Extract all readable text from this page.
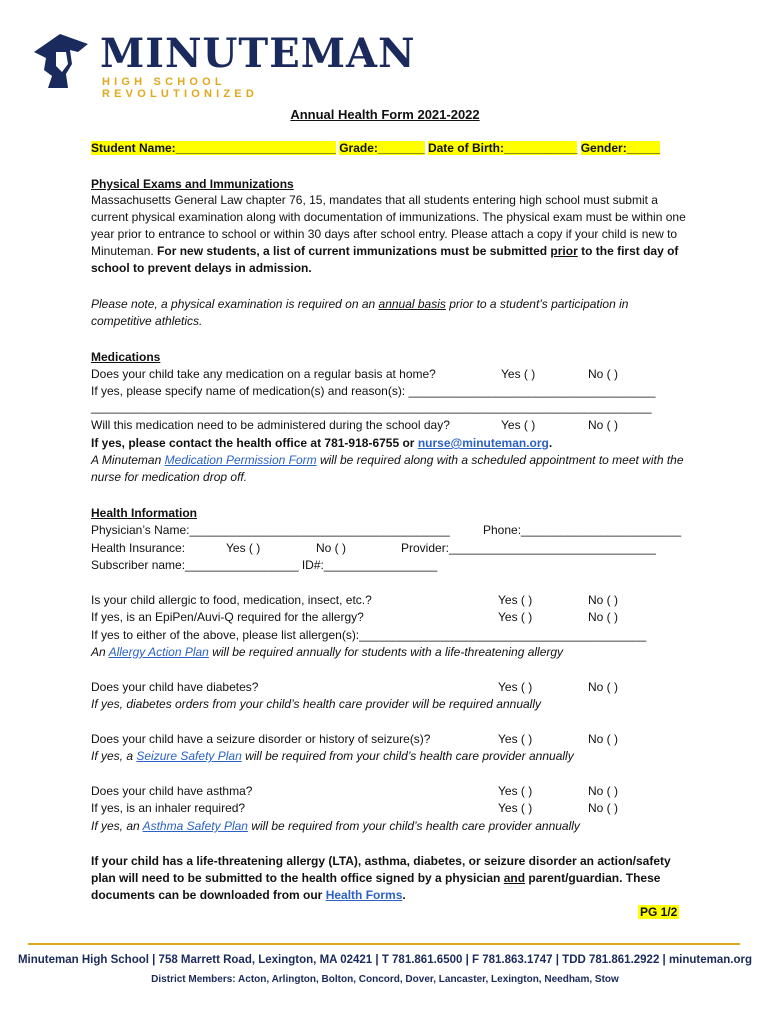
MINUTEMAN
HIGH SCHOOL REVOLUTIONIZED
Annual Health Form 2021-2022
Student Name:________________________ Grade:_______ Date of Birth:___________ Gender:_____
Physical Exams and Immunizations
Massachusetts General Law chapter 76, 15, mandates that all students entering high school must submit a current physical examination along with documentation of immunizations. The physical exam must be within one year prior to entrance to school or within 30 days after school entry. Please attach a copy if your child is new to Minuteman. For new students, a list of current immunizations must be submitted prior to the first day of school to prevent delays in admission.
Please note, a physical examination is required on an annual basis prior to a student’s participation in competitive athletics.
Medications
Does your child take any medication on a regular basis at home?	Yes ( )	No ( )
If yes, please specify name of medication(s) and reason(s): _____________________________________
____________________________________________________________________________________
Will this medication need to be administered during the school day?	Yes ( )	No ( )
If yes, please contact the health office at 781-918-6755 or nurse@minuteman.org.
A Minuteman Medication Permission Form will be required along with a scheduled appointment to meet with the nurse for medication drop off.
Health Information
Physician’s Name:_______________________________________	Phone:________________________
Health Insurance:	Yes ( )	No ( )	Provider:_______________________________
Subscriber name:_________________ ID#:_________________
Is your child allergic to food, medication, insect, etc.?	Yes ( )	No ( )
If yes, is an EpiPen/Auvi-Q required for the allergy?	Yes ( )	No ( )
If yes to either of the above, please list allergen(s):___________________________________________
An Allergy Action Plan will be required annually for students with a life-threatening allergy
Does your child have diabetes?	Yes ( )	No ( )
If yes, diabetes orders from your child’s health care provider will be required annually
Does your child have a seizure disorder or history of seizure(s)?	Yes ( )	No ( )
If yes, a Seizure Safety Plan will be required from your child’s health care provider annually
Does your child have asthma?	Yes ( )	No ( )
If yes, is an inhaler required?	Yes ( )	No ( )
If yes, an Asthma Safety Plan will be required from your child’s health care provider annually
If your child has a life-threatening allergy (LTA), asthma, diabetes, or seizure disorder an action/safety plan will need to be submitted to the health office signed by a physician and parent/guardian. These documents can be downloaded from our Health Forms.
PG 1/2
Minuteman High School | 758 Marrett Road, Lexington, MA 02421 | T 781.861.6500 | F 781.863.1747 | TDD 781.861.2922 | minuteman.org
District Members: Acton, Arlington, Bolton, Concord, Dover, Lancaster, Lexington, Needham, Stow
